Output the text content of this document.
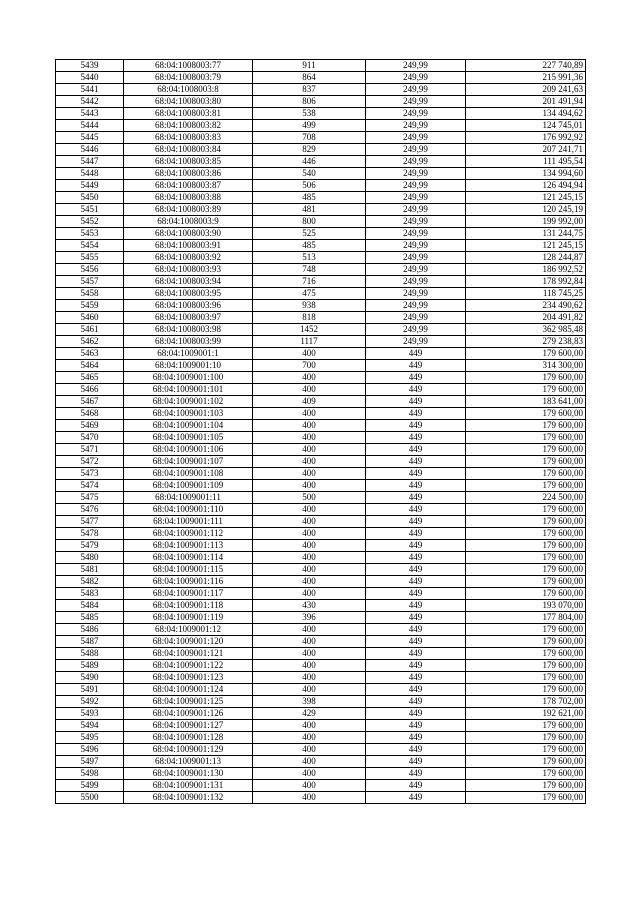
5439	68:04:1008003:77	911	249,99	227 740,89
5440	68:04:1008003:79	864	249,99	215 991,36
5441	68:04:1008003:8	837	249,99	209 241,63
5442	68:04:1008003:80	806	249,99	201 491,94
5443	68:04:1008003:81	538	249,99	134 494,62
5444	68:04:1008003:82	499	249,99	124 745,01
5445	68:04:1008003:83	708	249,99	176 992,92
5446	68:04:1008003:84	829	249,99	207 241,71
5447	68:04:1008003:85	446	249,99	111 495,54
5448	68:04:1008003:86	540	249,99	134 994,60
5449	68:04:1008003:87	506	249,99	126 494,94
5450	68:04:1008003:88	485	249,99	121 245,15
5451	68:04:1008003:89	481	249,99	120 245,19
5452	68:04:1008003:9	800	249,99	199 992,00
5453	68:04:1008003:90	525	249,99	131 244,75
5454	68:04:1008003:91	485	249,99	121 245,15
5455	68:04:1008003:92	513	249,99	128 244,87
5456	68:04:1008003:93	748	249,99	186 992,52
5457	68:04:1008003:94	716	249,99	178 992,84
5458	68:04:1008003:95	475	249,99	118 745,25
5459	68:04:1008003:96	938	249,99	234 490,62
5460	68:04:1008003:97	818	249,99	204 491,82
5461	68:04:1008003:98	1452	249,99	362 985,48
5462	68:04:1008003:99	1117	249,99	279 238,83
5463	68:04:1009001:1	400	449	179 600,00
5464	68:04:1009001:10	700	449	314 300,00
5465	68:04:1009001:100	400	449	179 600,00
5466	68:04:1009001:101	400	449	179 600,00
5467	68:04:1009001:102	409	449	183 641,00
5468	68:04:1009001:103	400	449	179 600,00
5469	68:04:1009001:104	400	449	179 600,00
5470	68:04:1009001:105	400	449	179 600,00
5471	68:04:1009001:106	400	449	179 600,00
5472	68:04:1009001:107	400	449	179 600,00
5473	68:04:1009001:108	400	449	179 600,00
5474	68:04:1009001:109	400	449	179 600,00
5475	68:04:1009001:11	500	449	224 500,00
5476	68:04:1009001:110	400	449	179 600,00
5477	68:04:1009001:111	400	449	179 600,00
5478	68:04:1009001:112	400	449	179 600,00
5479	68:04:1009001:113	400	449	179 600,00
5480	68:04:1009001:114	400	449	179 600,00
5481	68:04:1009001:115	400	449	179 600,00
5482	68:04:1009001:116	400	449	179 600,00
5483	68:04:1009001:117	400	449	179 600,00
5484	68:04:1009001:118	430	449	193 070,00
5485	68:04:1009001:119	396	449	177 804,00
5486	68:04:1009001:12	400	449	179 600,00
5487	68:04:1009001:120	400	449	179 600,00
5488	68:04:1009001:121	400	449	179 600,00
5489	68:04:1009001:122	400	449	179 600,00
5490	68:04:1009001:123	400	449	179 600,00
5491	68:04:1009001:124	400	449	179 600,00
5492	68:04:1009001:125	398	449	178 702,00
5493	68:04:1009001:126	429	449	192 621,00
5494	68:04:1009001:127	400	449	179 600,00
5495	68:04:1009001:128	400	449	179 600,00
5496	68:04:1009001:129	400	449	179 600,00
5497	68:04:1009001:13	400	449	179 600,00
5498	68:04:1009001:130	400	449	179 600,00
5499	68:04:1009001:131	400	449	179 600,00
5500	68:04:1009001:132	400	449	179 600,00
